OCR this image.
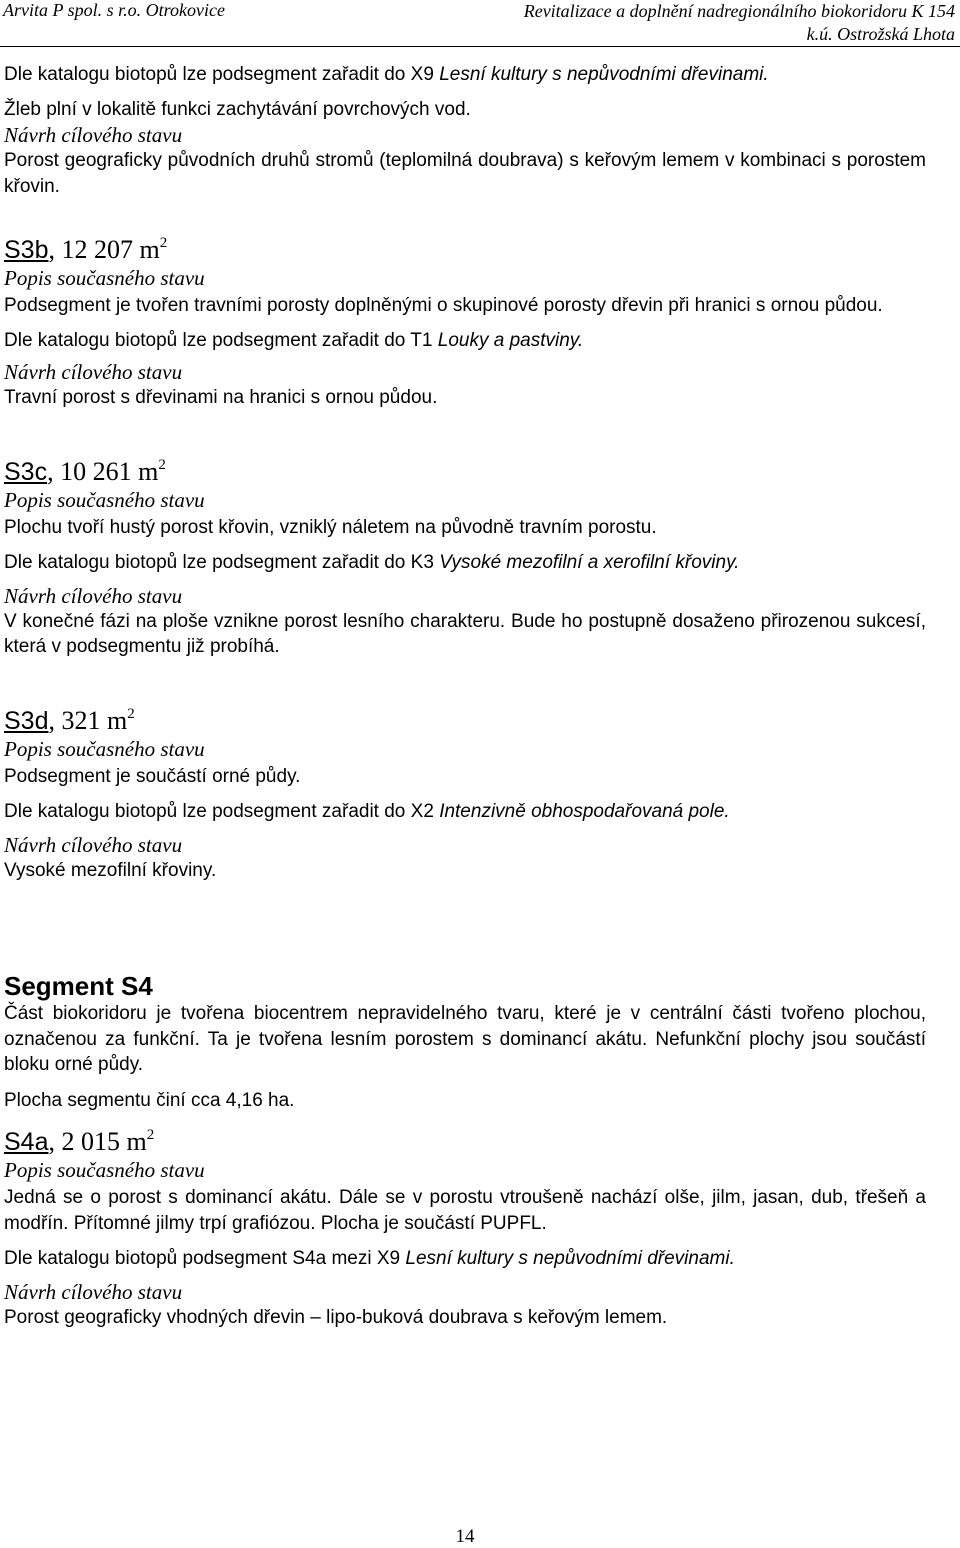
Arvita P spol. s r.o. Otrokovice	Revitalizace a doplnění nadregionálního biokoridoru K 154
k.ú. Ostrožská Lhota

Dle katalogu biotopů lze podsegment zařadit do X9 Lesní kultury s nepůvodními dřevinami.

Žleb plní v lokalitě funkci zachytávání povrchových vod.

Návrh cílového stavu

Porost geograficky původních druhů stromů (teplomilná doubrava) s keřovým lemem v kombinaci s porostem křovin.

S3b, 12 207 $m^2$
Popis současného stavu

Podsegment je tvořen travními porosty doplněnými o skupinové porosty dřevin při hranici s ornou půdou.

Dle katalogu biotopů lze podsegment zařadit do T1 Louky a pastviny.

Návrh cílového stavu

Travní porost s dřevinami na hranici s ornou půdou.

S3c, 10 261 $m^2$
Popis současného stavu

Plochu tvoří hustý porost křovin, vzniklý náletem na původně travním porostu.

Dle katalogu biotopů lze podsegment zařadit do K3 Vysoké mezofilní a xerofilní křoviny.

Návrh cílového stavu

V konečné fázi na ploše vznikne porost lesního charakteru. Bude ho postupně dosaženo přirozenou sukcesí, která v podsegmentu již probíhá.

S3d, 321 $m^2$
Popis současného stavu

Podsegment je součástí orné půdy.

Dle katalogu biotopů lze podsegment zařadit do X2 Intenzivně obhospodařovaná pole.

Návrh cílového stavu

Vysoké mezofilní křoviny.

Segment S4

Část biokoridoru je tvořena biocentrem nepravidelného tvaru, které je v centrální části tvořeno plochou, označenou za funkční. Ta je tvořena lesním porostem s dominancí akátu. Nefunkční plochy jsou součástí bloku orné půdy.

Plocha segmentu činí cca 4,16 ha.

S4a, 2 015 $m^2$
Popis současného stavu

Jedná se o porost s dominancí akátu. Dále se v porostu vtroušeně nachází olše, jilm, jasan, dub, třešeň a modřín. Přítomné jilmy trpí grafiózou. Plocha je součástí PUPFL.

Dle katalogu biotopů podsegment S4a mezi X9 Lesní kultury s nepůvodními dřevinami.

Návrh cílového stavu

Porost geograficky vhodných dřevin – lipo-buková doubrava s keřovým lemem.

14
